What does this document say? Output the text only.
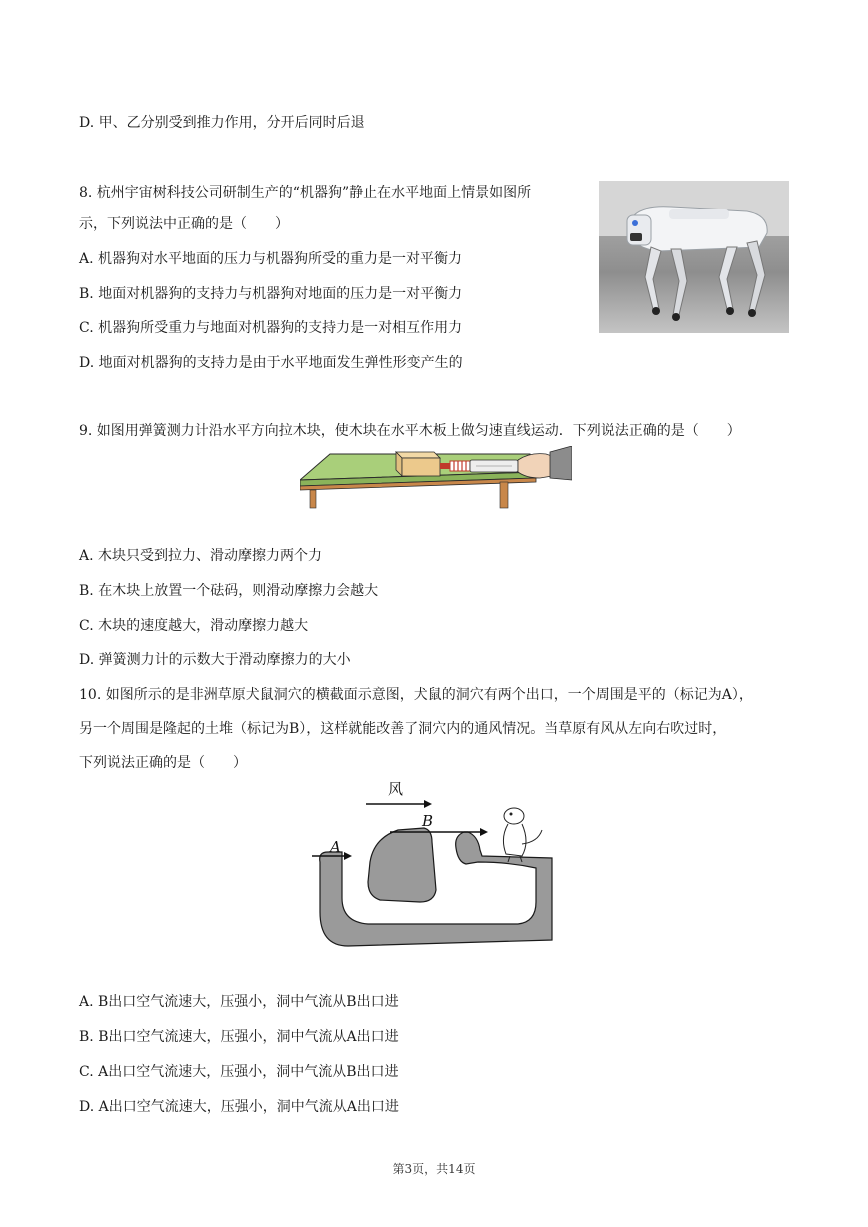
D. 甲、乙分别受到推力作用，分开后同时后退
8. 杭州宇宙树科技公司研制生产的“机器狗”静止在水平地面上情景如图所
示，下列说法中正确的是（　　）
A. 机器狗对水平地面的压力与机器狗所受的重力是一对平衡力
B. 地面对机器狗的支持力与机器狗对地面的压力是一对平衡力
C. 机器狗所受重力与地面对机器狗的支持力是一对相互作用力
D. 地面对机器狗的支持力是由于水平地面发生弹性形变产生的
9. 如图用弹簧测力计沿水平方向拉木块，使木块在水平木板上做匀速直线运动．下列说法正确的是（　　）
A. 木块只受到拉力、滑动摩擦力两个力
B. 在木块上放置一个砝码，则滑动摩擦力会越大
C. 木块的速度越大，滑动摩擦力越大
D. 弹簧测力计的示数大于滑动摩擦力的大小
10. 如图所示的是非洲草原犬鼠洞穴的横截面示意图，犬鼠的洞穴有两个出口，一个周围是平的（标记为A），
另一个周围是隆起的土堆（标记为B），这样就能改善了洞穴内的通风情况。当草原有风从左向右吹过时，
下列说法正确的是（　　）
风
B
A
A. B出口空气流速大，压强小，洞中气流从B出口进
B. B出口空气流速大，压强小，洞中气流从A出口进
C. A出口空气流速大，压强小，洞中气流从B出口进
D. A出口空气流速大，压强小，洞中气流从A出口进
第3页，共14页
